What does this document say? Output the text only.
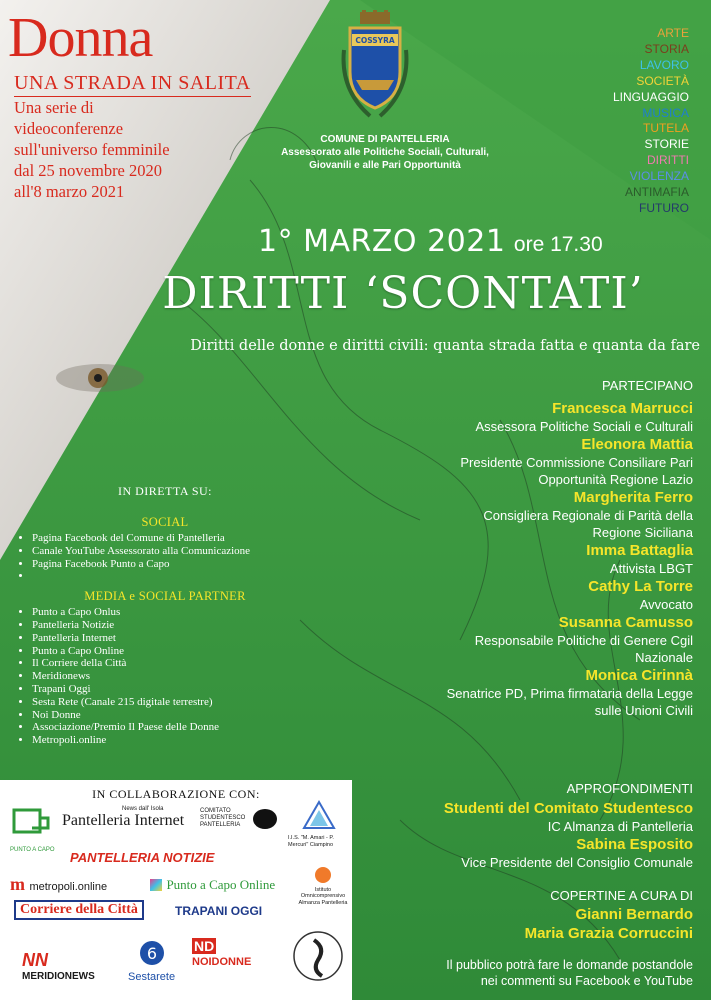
Donna
UNA STRADA IN SALITA
Una serie di
videoconferenze
sull'universo femminile
dal 25 novembre 2020
all'8 marzo 2021
COSSYRA
COMUNE DI PANTELLERIA
Assessorato alle Politiche Sociali, Culturali,
Giovanili e alle Pari Opportunità
ARTE
STORIA
LAVORO
SOCIETÀ
LINGUAGGIO
MUSICA
TUTELA
STORIE
DIRITTI
VIOLENZA
ANTIMAFIA
FUTURO
1° MARZO 2021 ore 17.30
DIRITTI ‘SCONTATI’
Diritti delle donne e diritti civili: quanta strada fatta e quanta da fare
PARTECIPANO
Francesca Marrucci
Assessora Politiche Sociali e Culturali
Eleonora Mattia
Presidente Commissione Consiliare Pari
Opportunità Regione Lazio
Margherita Ferro
Consigliera Regionale di Parità della
Regione Siciliana
Imma Battaglia
Attivista LBGT
Cathy La Torre
Avvocato
Susanna Camusso
Responsabile Politiche di Genere Cgil
Nazionale
Monica Cirinnà
Senatrice PD, Prima firmataria della Legge
sulle Unioni Civili
APPROFONDIMENTI
Studenti del Comitato Studentesco
IC Almanza di Pantelleria
Sabina Esposito
Vice Presidente del Consiglio Comunale
COPERTINE A CURA DI
Gianni Bernardo
Maria Grazia Corruccini
Il pubblico potrà fare le domande postandole
nei commenti su Facebook e YouTube
IN DIRETTA SU:
SOCIAL
• Pagina Facebook del Comune di Pantelleria
• Canale YouTube Assessorato alla Comunicazione
• Pagina Facebook Punto a Capo
•
MEDIA e SOCIAL PARTNER
• Punto a Capo Onlus
• Pantelleria Notizie
• Pantelleria Internet
• Punto a Capo Online
• Il Corriere della Città
• Meridionews
• Trapani Oggi
• Sesta Rete (Canale 215 digitale terrestre)
• Noi Donne
• Associazione/Premio Il Paese delle Donne
• Metropoli.online
IN COLLABORAZIONE CON:
PUNTO A CAPO
News dall' Isola
Pantelleria Internet
COMITATO STUDENTESCO PANTELLERIA
I.I.S. "M. Amari - P. Mercuri" Ciampino
PANTELLERIA NOTIZIE
m metropoli.online	Punto a Capo Online	Istituto Omnicomprensivo Almanza Pantelleria
Corriere della Città	TRAPANI OGGI
NN
MERIDIONEWS
6
Sestarete
ND
NOIDONNE
